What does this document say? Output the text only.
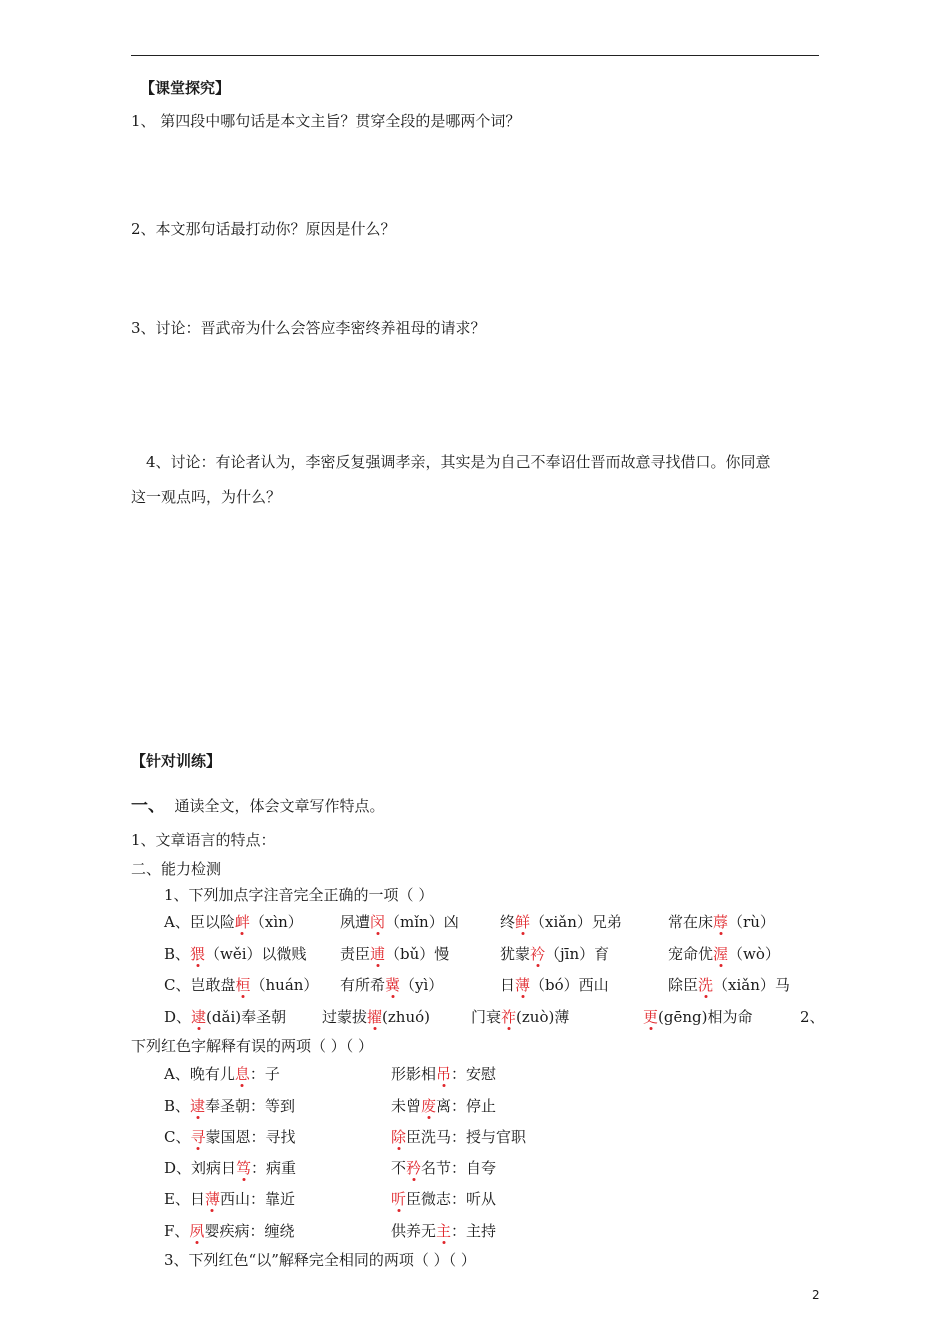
【课堂探究】
1、 第四段中哪句话是本文主旨？贯穿全段的是哪两个词？
2、本文那句话最打动你？原因是什么？
3、讨论：晋武帝为什么会答应李密终养祖母的请求？
4、讨论：有论者认为，李密反复强调孝亲，其实是为自己不奉诏仕晋而故意寻找借口。你同意
这一观点吗，为什么？
【针对训练】
一、 通读全文，体会文章写作特点。
1、文章语言的特点：
二、能力检测
1、下列加点字注音完全正确的一项（ ）
A、臣以险衅（xìn） 夙遭闵（mǐn）凶	终鲜（xiǎn）兄弟	常在床蓐（rù）
B、猥（wěi）以微贱 责臣逋（bǔ）慢	犹蒙衿（jīn）育	宠命优渥（wò）
C、岂敢盘桓（huán） 有所希冀（yì）	日薄（bó）西山	除臣洗（xiǎn）马
D、逮(dǎi)奉圣朝 过蒙拔擢(zhuó)	门衰祚(zuò)薄	更(gēng)相为命	2、
下列红色字解释有误的两项（ ）（ ）
A、晚有儿息：子	形影相吊：安慰
B、逮奉圣朝：等到	未曾废离：停止
C、寻蒙国恩：寻找	除臣洗马：授与官职
D、刘病日笃：病重	不矜名节：自夸
E、日薄西山：靠近	听臣微志：听从
F、夙婴疾病：缠绕	供养无主：主持
3、下列红色“以”解释完全相同的两项（ ）（ ）
2
